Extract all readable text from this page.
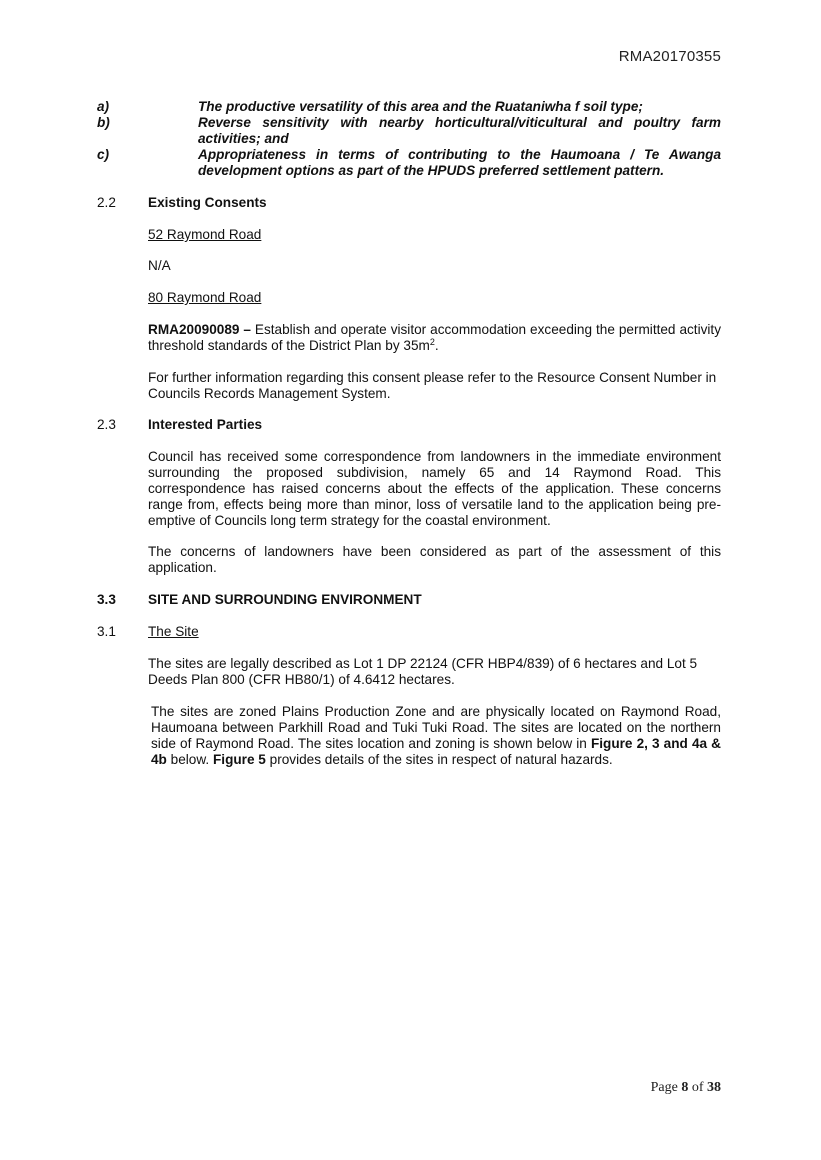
RMA20170355
a)	The productive versatility of this area and the Ruataniwha f soil type;
b)	Reverse sensitivity with nearby horticultural/viticultural and poultry farm activities; and
c)	Appropriateness in terms of contributing to the Haumoana / Te Awanga development options as part of the HPUDS preferred settlement pattern.
2.2 Existing Consents
52 Raymond Road
N/A
80 Raymond Road
RMA20090089 – Establish and operate visitor accommodation exceeding the permitted activity threshold standards of the District Plan by $35m^2$.
For further information regarding this consent please refer to the Resource Consent Number in Councils Records Management System.
2.3 Interested Parties
Council has received some correspondence from landowners in the immediate environment surrounding the proposed subdivision, namely 65 and 14 Raymond Road. This correspondence has raised concerns about the effects of the application. These concerns range from, effects being more than minor, loss of versatile land to the application being pre-emptive of Councils long term strategy for the coastal environment.
The concerns of landowners have been considered as part of the assessment of this application.
3.3 SITE AND SURROUNDING ENVIRONMENT
3.1 The Site
The sites are legally described as Lot 1 DP 22124 (CFR HBP4/839) of 6 hectares and Lot 5 Deeds Plan 800 (CFR HB80/1) of 4.6412 hectares.
The sites are zoned Plains Production Zone and are physically located on Raymond Road, Haumoana between Parkhill Road and Tuki Tuki Road. The sites are located on the northern side of Raymond Road. The sites location and zoning is shown below in Figure 2, 3 and 4a & 4b below. Figure 5 provides details of the sites in respect of natural hazards.
Page 8 of 38
